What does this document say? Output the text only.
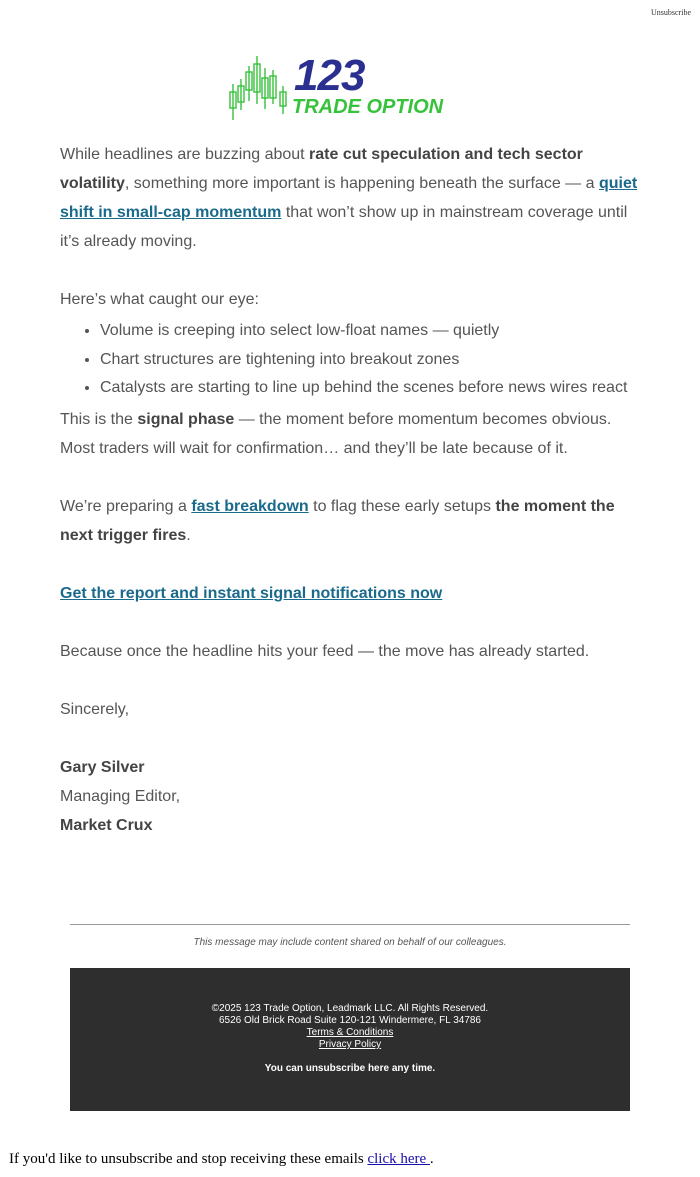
Unsubscribe
123
TRADE OPTION

While headlines are buzzing about rate cut speculation and tech sector volatility, something more important is happening beneath the surface — a quiet shift in small-cap momentum that won’t show up in mainstream coverage until it’s already moving.

Here’s what caught our eye:

• Volume is creeping into select low-float names — quietly
• Chart structures are tightening into breakout zones
• Catalysts are starting to line up behind the scenes before news wires react

This is the signal phase — the moment before momentum becomes obvious. Most traders will wait for confirmation… and they’ll be late because of it.

We’re preparing a fast breakdown to flag these early setups the moment the next trigger fires.

Get the report and instant signal notifications now

Because once the headline hits your feed — the move has already started.

Sincerely,

Gary Silver

Managing Editor,

Market Crux

This message may include content shared on behalf of our colleagues.
©2025 123 Trade Option, Leadmark LLC. All Rights Reserved.
6526 Old Brick Road Suite 120-121 Windermere, FL 34786
Terms & Conditions
Privacy Policy
You can unsubscribe here any time.
If you'd like to unsubscribe and stop receiving these emails click here .
